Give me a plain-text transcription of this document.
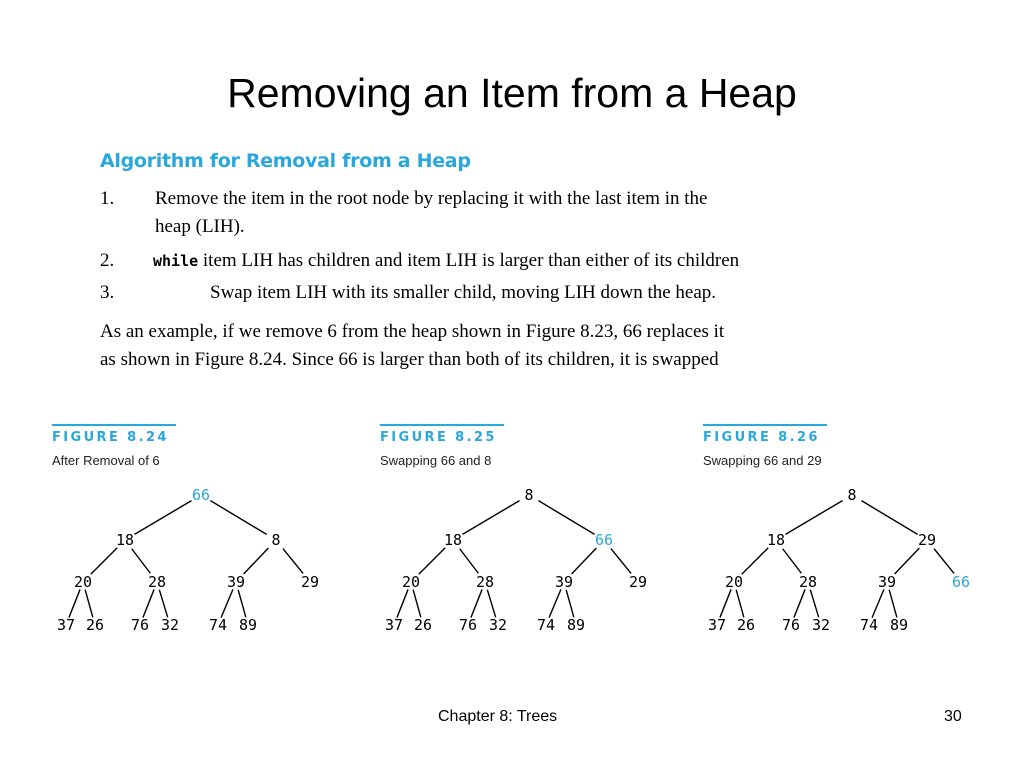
Removing an Item from a Heap
Algorithm for Removal from a Heap
1. Remove the item in the root node by replacing it with the last item in the
heap (LIH).
2.	while item LIH has children and item LIH is larger than either of its children
3.	Swap item LIH with its smaller child, moving LIH down the heap.
As an example, if we remove 6 from the heap shown in Figure 8.23, 66 replaces it
as shown in Figure 8.24. Since 66 is larger than both of its children, it is swapped
FIGURE 8.24
After Removal of 6
66
18	8
20	28	39	29
37 26 76 32 74 89
FIGURE 8.25
Swapping 66 and 8
8
18	66
20	28	39	29
37 26 76 32 74 89
FIGURE 8.26
Swapping 66 and 29
8
18	29
20	28	39	66
37 26 76 32 74 89
Chapter 8: Trees	30
